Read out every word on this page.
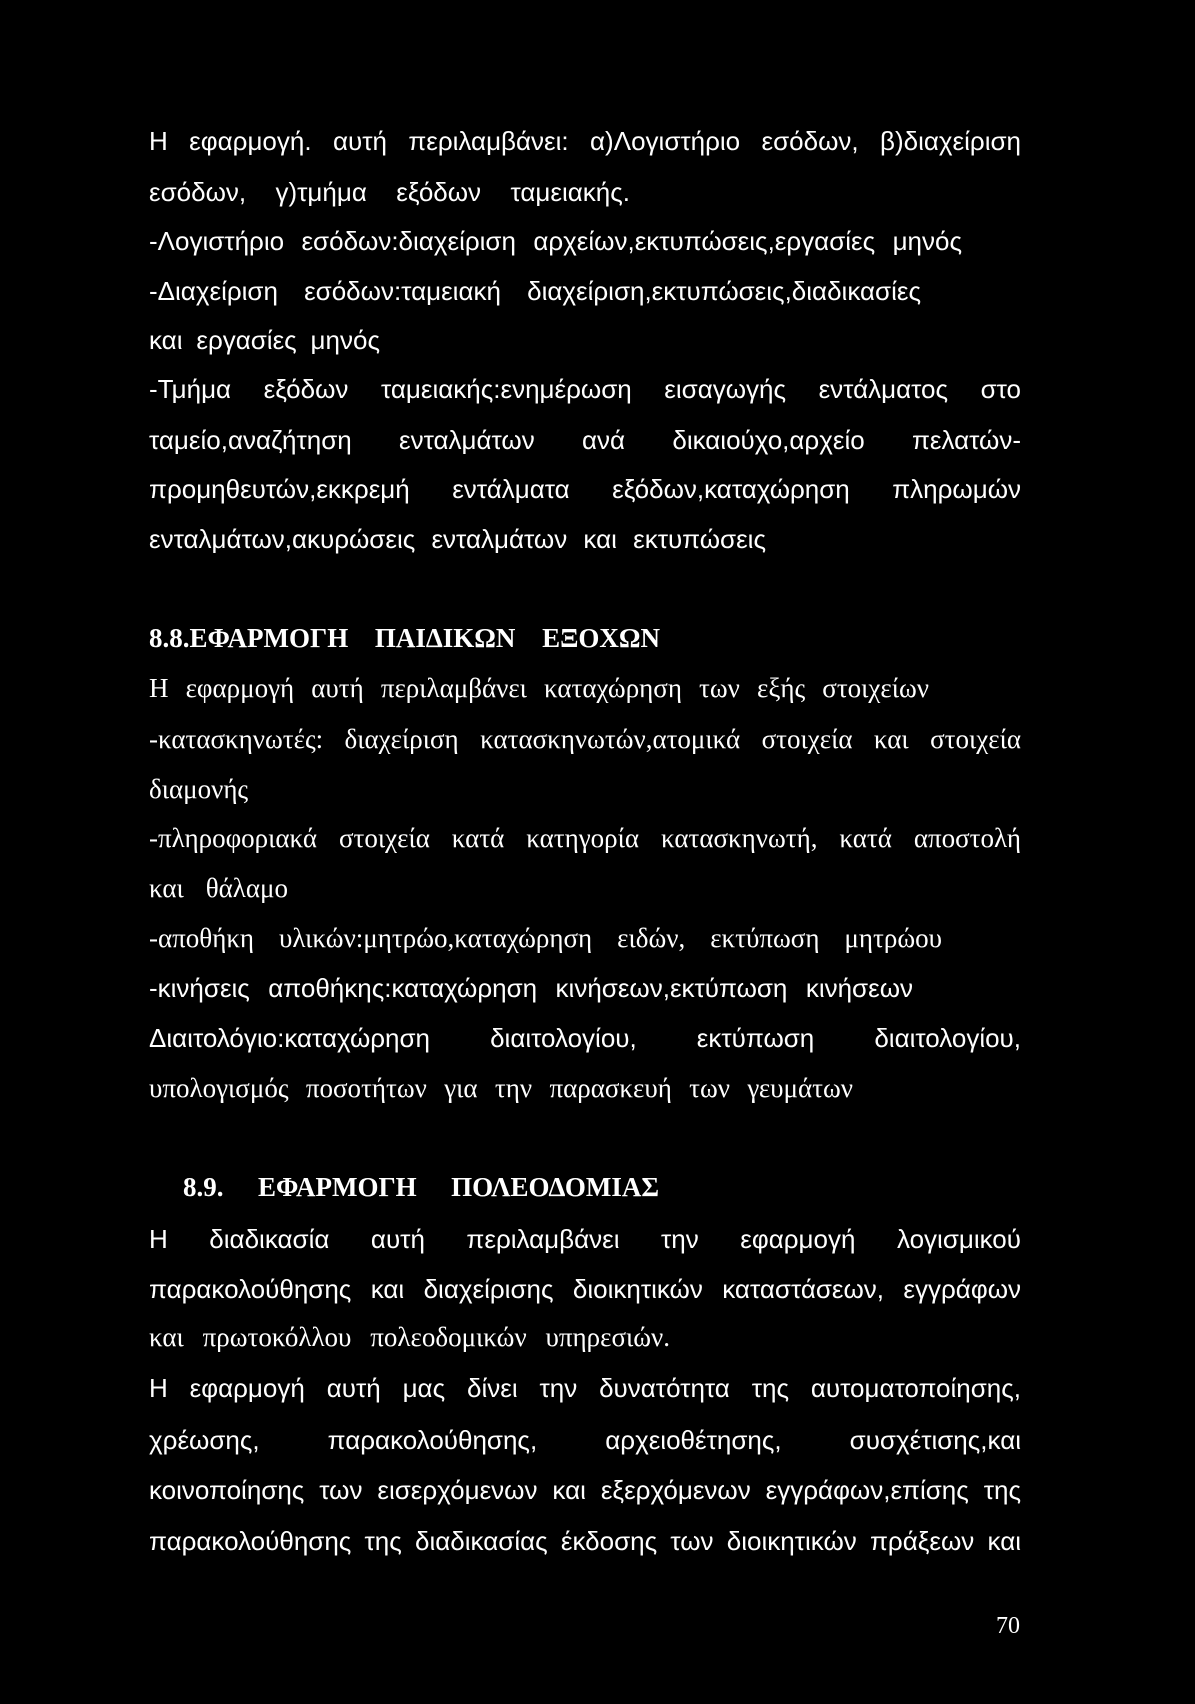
Η εφαρμογή. αυτή περιλαμβάνει: α)Λογιστήριο εσόδων, β)διαχείριση
εσόδων, γ)τμήμα εξόδων ταμειακής.
-Λογιστήριο εσόδων:διαχείριση αρχείων,εκτυπώσεις,εργασίες μηνός
-Διαχείριση εσόδων:ταμειακή διαχείριση,εκτυπώσεις,διαδικασίες
και εργασίες μηνός
-Τμήμα εξόδων ταμειακής:ενημέρωση εισαγωγής εντάλματος στο
ταμείο,αναζήτηση ενταλμάτων ανά δικαιούχο,αρχείο πελατών-
προμηθευτών,εκκρεμή εντάλματα εξόδων,καταχώρηση πληρωμών
ενταλμάτων,ακυρώσεις ενταλμάτων και εκτυπώσεις
8.8.ΕΦΑΡΜΟΓΗ ΠΑΙΔΙΚΩΝ ΕΞΟΧΩΝ
Η εφαρμογή αυτή περιλαμβάνει καταχώρηση των εξής στοιχείων
-κατασκηνωτές: διαχείριση κατασκηνωτών,ατομικά στοιχεία και στοιχεία
διαμονής
-πληροφοριακά στοιχεία κατά κατηγορία κατασκηνωτή, κατά αποστολή
και θάλαμο
-αποθήκη υλικών:μητρώο,καταχώρηση ειδών, εκτύπωση μητρώου
-κινήσεις αποθήκης:καταχώρηση κινήσεων,εκτύπωση κινήσεων
Διαιτολόγιο:καταχώρηση διαιτολογίου, εκτύπωση διαιτολογίου,
υπολογισμός ποσοτήτων για την παρασκευή των γευμάτων
8.9. ΕΦΑΡΜΟΓΗ ΠΟΛΕΟΔΟΜΙΑΣ
Η διαδικασία αυτή περιλαμβάνει την εφαρμογή λογισμικού
παρακολούθησης και διαχείρισης διοικητικών καταστάσεων, εγγράφων
και πρωτοκόλλου πολεοδομικών υπηρεσιών.
Η εφαρμογή αυτή μας δίνει την δυνατότητα της αυτοματοποίησης,
χρέωσης, παρακολούθησης, αρχειοθέτησης, συσχέτισης,και
κοινοποίησης των εισερχόμενων και εξερχόμενων εγγράφων,επίσης της
παρακολούθησης της διαδικασίας έκδοσης των διοικητικών πράξεων και
70
